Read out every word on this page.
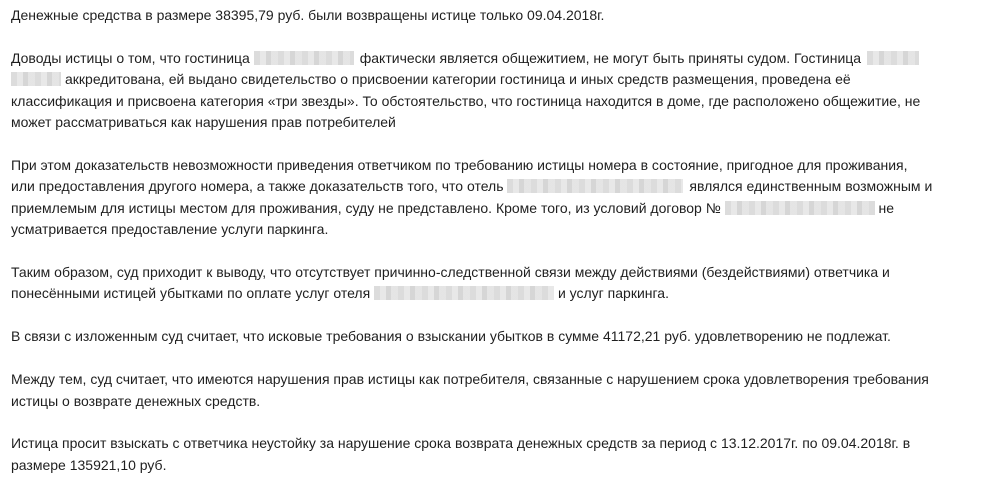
Денежные средства в размере 38395,79 руб. были возвращены истице только 09.04.2018г.

Доводы истицы о том, что гостиница	фактически является общежитием, не могут быть приняты судом. Гостиница
аккредитована, ей выдано свидетельство о присвоении категории гостиница и иных средств размещения, проведена её
классификация и присвоена категория «три звезды». То обстоятельство, что гостиница находится в доме, где расположено общежитие, не
может рассматриваться как нарушения прав потребителей

При этом доказательств невозможности приведения ответчиком по требованию истицы номера в состояние, пригодное для проживания,
или предоставления другого номера, а также доказательств того, что отель	являлся единственным возможным и
приемлемым для истицы местом для проживания, суду не представлено. Кроме того, из условий договор №	не
усматривается предоставление услуги паркинга.

Таким образом, суд приходит к выводу, что отсутствует причинно-следственной связи между действиями (бездействиями) ответчика и
понесёнными истицей убытками по оплате услуг отеля	и услуг паркинга.

В связи с изложенным суд считает, что исковые требования о взыскании убытков в сумме 41172,21 руб. удовлетворению не подлежат.

Между тем, суд считает, что имеются нарушения прав истицы как потребителя, связанные с нарушением срока удовлетворения требования
истицы о возврате денежных средств.

Истица просит взыскать с ответчика неустойку за нарушение срока возврата денежных средств за период с 13.12.2017г. по 09.04.2018г. в
размере 135921,10 руб.
